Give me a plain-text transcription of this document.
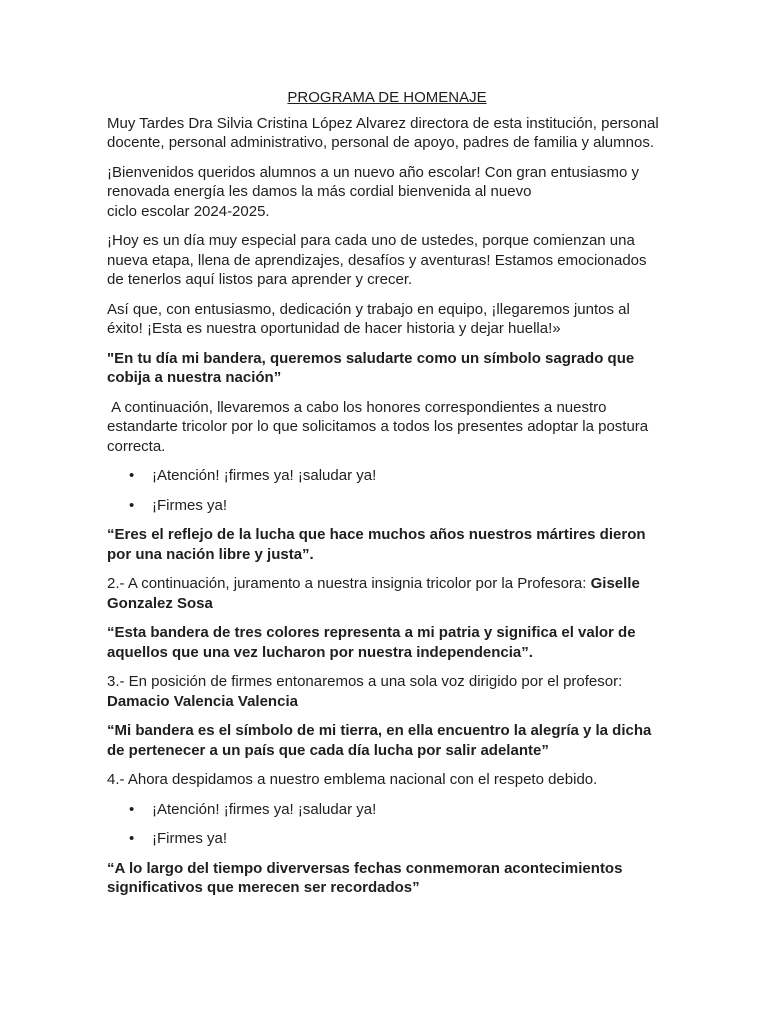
PROGRAMA DE HOMENAJE

Muy Tardes Dra Silvia Cristina López Alvarez directora de esta institución, personal docente, personal administrativo, personal de apoyo, padres de familia y alumnos.

¡Bienvenidos queridos alumnos a un nuevo año escolar! Con gran entusiasmo y renovada energía les damos la más cordial bienvenida al nuevo
ciclo escolar 2024-2025.

¡Hoy es un día muy especial para cada uno de ustedes, porque comienzan una nueva etapa, llena de aprendizajes, desafíos y aventuras! Estamos emocionados de tenerlos aquí listos para aprender y crecer.

Así que, con entusiasmo, dedicación y trabajo en equipo, ¡llegaremos juntos al éxito! ¡Esta es nuestra oportunidad de hacer historia y dejar huella!»

"En tu día mi bandera, queremos saludarte como un símbolo sagrado que cobija a nuestra nación”

A continuación, llevaremos a cabo los honores correspondientes a nuestro estandarte tricolor por lo que solicitamos a todos los presentes adoptar la postura correcta.

• ¡Atención! ¡firmes ya! ¡saludar ya!
• ¡Firmes ya!

“Eres el reflejo de la lucha que hace muchos años nuestros mártires dieron por una nación libre y justa”.

2.- A continuación, juramento a nuestra insignia tricolor por la Profesora: Giselle Gonzalez Sosa

“Esta bandera de tres colores representa a mi patria y significa el valor de aquellos que una vez lucharon por nuestra independencia”.

3.- En posición de firmes entonaremos a una sola voz dirigido por el profesor:
Damacio Valencia Valencia

“Mi bandera es el símbolo de mi tierra, en ella encuentro la alegría y la dicha de pertenecer a un país que cada día lucha por salir adelante”

4.- Ahora despidamos a nuestro emblema nacional con el respeto debido.

• ¡Atención! ¡firmes ya! ¡saludar ya!
• ¡Firmes ya!

“A lo largo del tiempo diverversas fechas conmemoran acontecimientos significativos que merecen ser recordados”
